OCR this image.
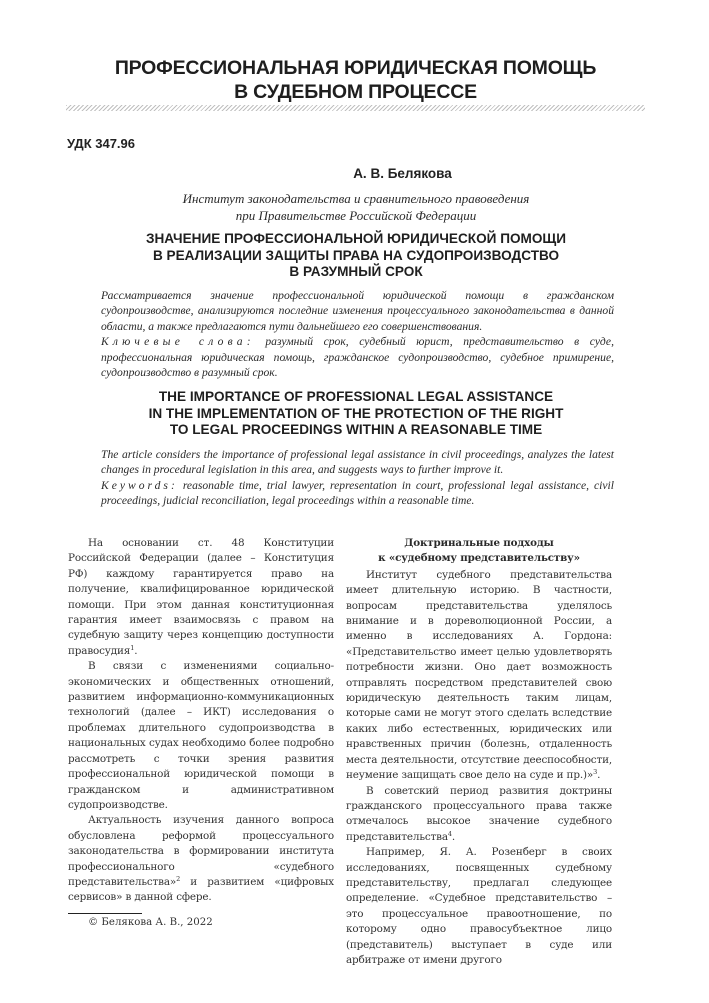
ПРОФЕССИОНАЛЬНАЯ ЮРИДИЧЕСКАЯ ПОМОЩЬ
В СУДЕБНОМ ПРОЦЕССЕ
УДК 347.96
А. В. Белякова
Институт законодательства и сравнительного правоведения
при Правительстве Российской Федерации
ЗНАЧЕНИЕ ПРОФЕССИОНАЛЬНОЙ ЮРИДИЧЕСКОЙ ПОМОЩИ
В РЕАЛИЗАЦИИ ЗАЩИТЫ ПРАВА НА СУДОПРОИЗВОДСТВО
В РАЗУМНЫЙ СРОК

Рассматривается значение профессиональной юридической помощи в гражданском судопроизводстве, анализируются последние изменения процессуального законодательства в данной области, а также предлагаются пути дальнейшего его совершенствования.

Ключевые слова: разумный срок, судебный юрист, представительство в суде, профессиональная юридическая помощь, гражданское судопроизводство, судебное примирение, судопроизводство в разумный срок.

THE IMPORTANCE OF PROFESSIONAL LEGAL ASSISTANCE
IN THE IMPLEMENTATION OF THE PROTECTION OF THE RIGHT
TO LEGAL PROCEEDINGS WITHIN A REASONABLE TIME

The article considers the importance of professional legal assistance in civil proceedings, analyzes the latest changes in procedural legislation in this area, and suggests ways to further improve it.

Keywords: reasonable time, trial lawyer, representation in court, professional legal assistance, civil proceedings, judicial reconciliation, legal proceedings within a reasonable time.

На основании ст. 48 Конституции Российской Федерации (далее – Конституция РФ) каждому гарантируется право на получение, квалифицированное юридической помощи. При этом данная конституционная гарантия имеет взаимосвязь с правом на судебную защиту через концепцию доступности правосудия$^1$.

В связи с изменениями социально-экономических и общественных отношений, развитием информационно-коммуникационных технологий (далее – ИКТ) исследования о проблемах длительного судопроизводства в национальных судах необходимо более подробно рассмотреть с точки зрения развития профессиональной юридической помощи в гражданском и административном судопроизводстве.

Актуальность изучения данного вопроса обусловлена реформой процессуального законодательства в формировании института профессионального «судебного представительства»$^2$ и развитием «цифровых сервисов» в данной сфере.

Доктринальные подходы
к «судебному представительству»

Институт судебного представительства имеет длительную историю. В частности, вопросам представительства уделялось внимание и в дореволюционной России, а именно в исследованиях А. Гордона: «Представительство имеет целью удовлетворять потребности жизни. Оно дает возможность отправлять посредством представителей свою юридическую деятельность таким лицам, которые сами не могут этого сделать вследствие каких либо естественных, юридических или нравственных причин (болезнь, отдаленность места деятельности, отсутствие дееспособности, неумение защищать свое дело на суде и пр.)»$^3$.

В советский период развития доктрины гражданского процессуального права также отмечалось высокое значение судебного представительства$^4$.

Например, Я. А. Розенберг в своих исследованиях, посвященных судебному представительству, предлагал следующее определение. «Судебное представительство – это процессуальное правоотношение, по которому одно правосубъектное лицо (представитель) выступает в суде или арбитраже от имени другого

© Белякова А. В., 2022
